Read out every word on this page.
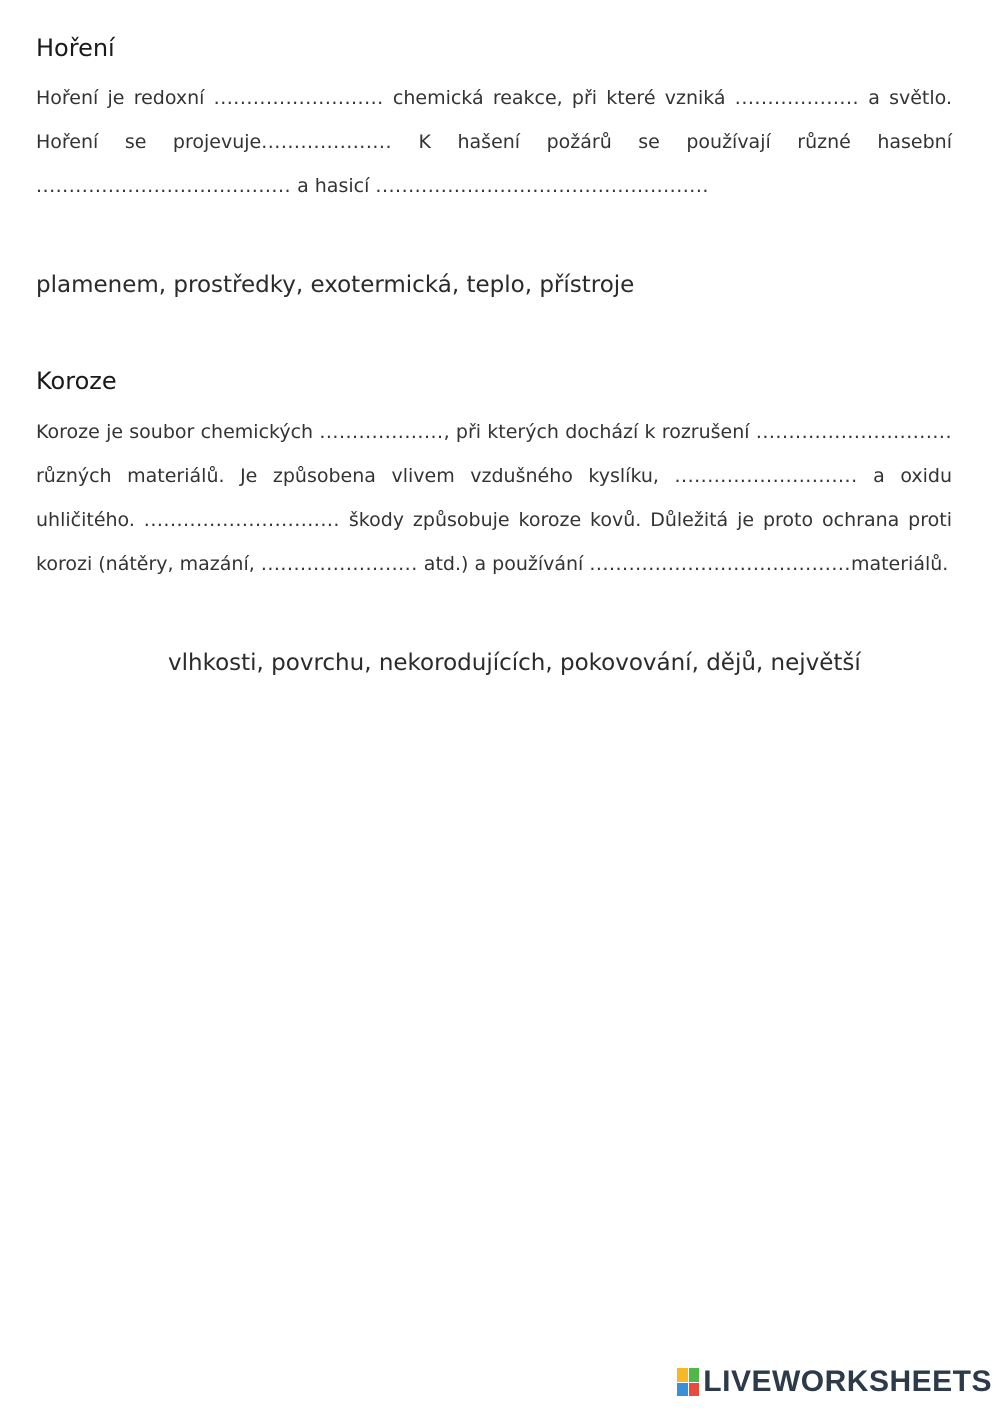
Hoření

Hoření je redoxní .......................... chemická reakce, při které vzniká ................... a světlo. Hoření se projevuje.................... K hašení požárů se používají různé hasební ....................................... a hasicí ...................................................

plamenem, prostředky, exotermická, teplo, přístroje
Koroze

Koroze je soubor chemických ..................., při kterých dochází k rozrušení .............................. různých materiálů. Je způsobena vlivem vzdušného kyslíku, ............................ a oxidu uhličitého. .............................. škody způsobuje koroze kovů. Důležitá je proto ochrana proti korozi (nátěry, mazání, ........................ atd.) a používání ........................................materiálů.

vlhkosti, povrchu, nekorodujících, pokovování, dějů, největší
LIVEWORKSHEETS
